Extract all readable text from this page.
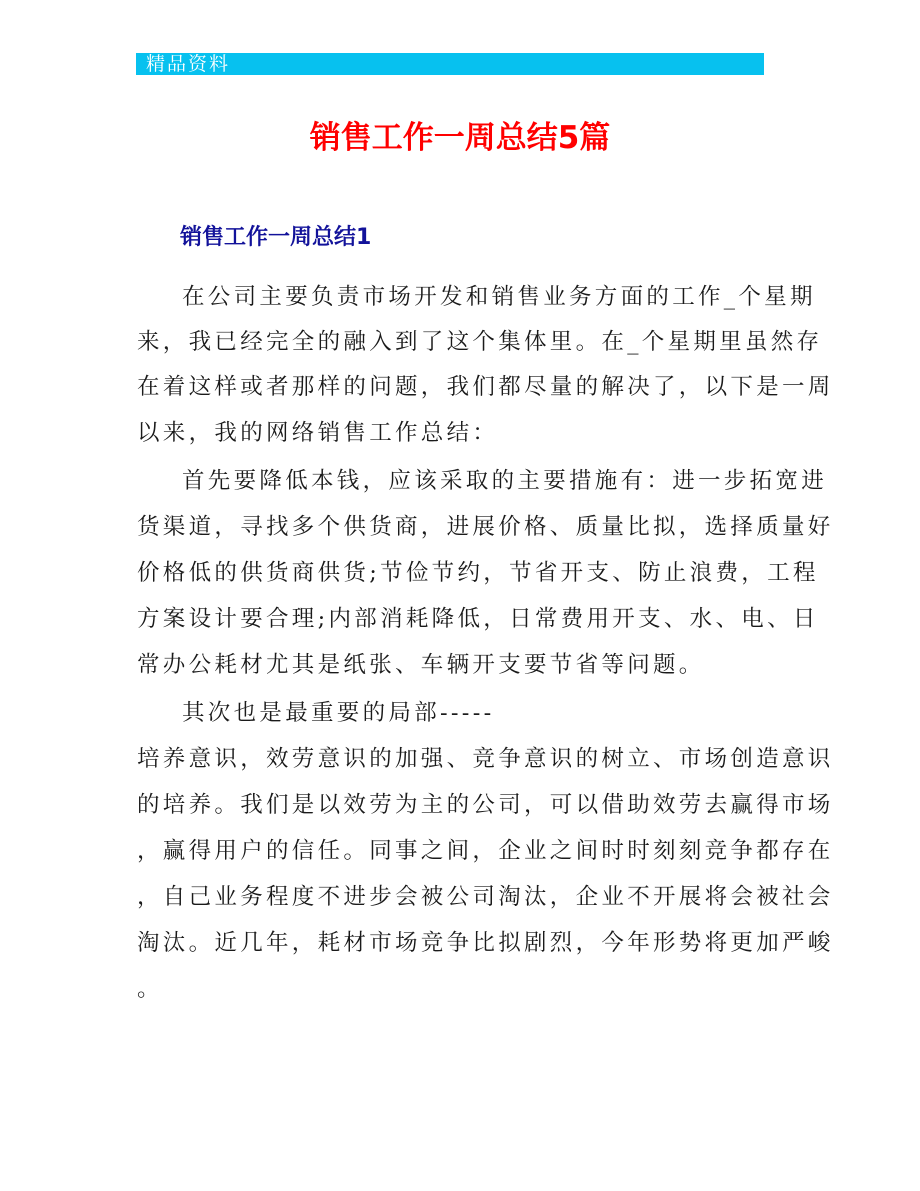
精品资料
销售工作一周总结5篇
销售工作一周总结1
在公司主要负责市场开发和销售业务方面的工作_个星期
来，我已经完全的融入到了这个集体里。在_个星期里虽然存
在着这样或者那样的问题，我们都尽量的解决了，以下是一周
以来，我的网络销售工作总结：
首先要降低本钱，应该采取的主要措施有：进一步拓宽进
货渠道，寻找多个供货商，进展价格、质量比拟，选择质量好
价格低的供货商供货;节俭节约，节省开支、防止浪费，工程
方案设计要合理;内部消耗降低，日常费用开支、水、电、日
常办公耗材尤其是纸张、车辆开支要节省等问题。
其次也是最重要的局部-----
培养意识，效劳意识的加强、竞争意识的树立、市场创造意识
的培养。我们是以效劳为主的公司，可以借助效劳去赢得市场
，赢得用户的信任。同事之间，企业之间时时刻刻竞争都存在
，自己业务程度不进步会被公司淘汰，企业不开展将会被社会
淘汰。近几年，耗材市场竞争比拟剧烈，今年形势将更加严峻
。
